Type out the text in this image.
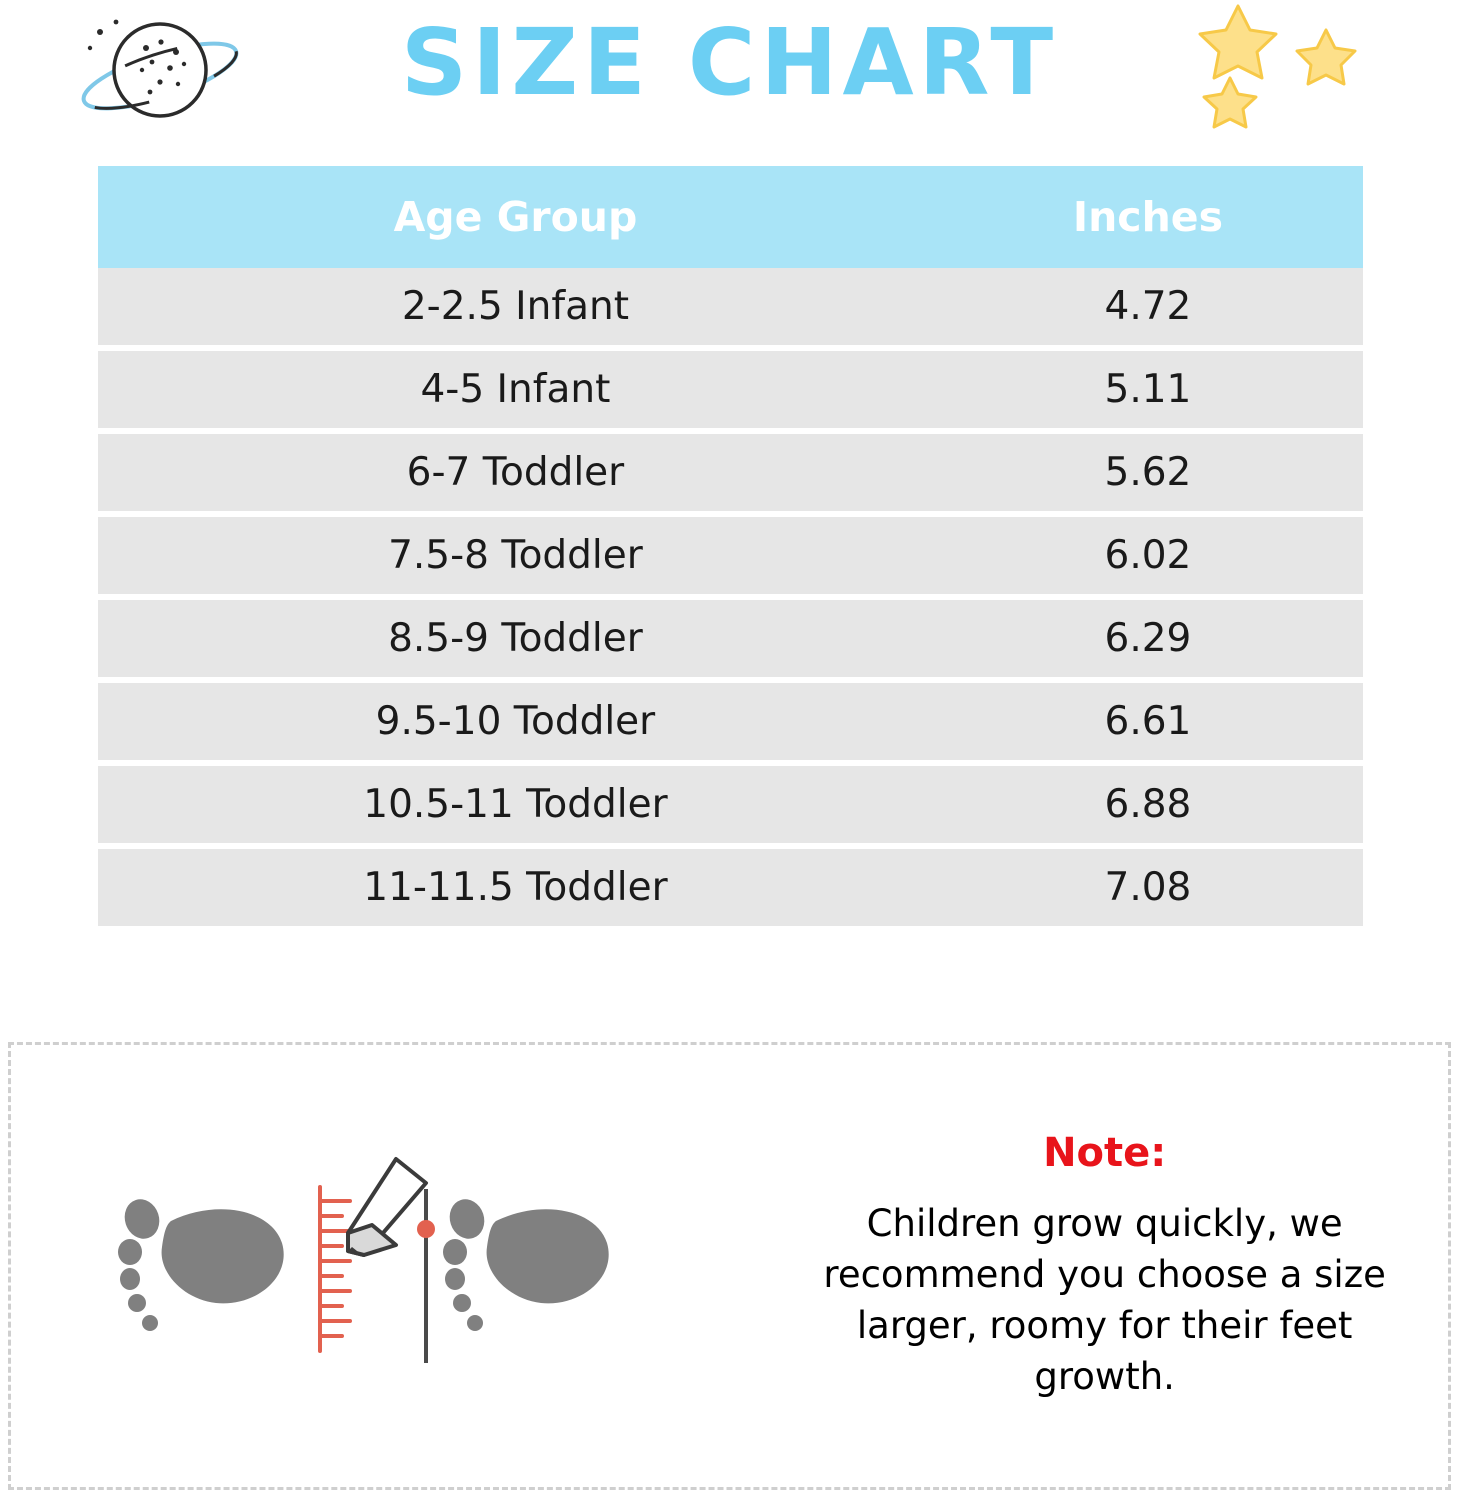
SIZE CHART
Age Group	Inches
2-2.5 Infant	4.72
4-5 Infant	5.11
6-7 Toddler	5.62
7.5-8 Toddler	6.02
8.5-9 Toddler	6.29
9.5-10 Toddler	6.61
10.5-11 Toddler	6.88
11-11.5 Toddler	7.08
Note:
Children grow quickly, we recommend you choose a size larger, roomy for their feet growth.
